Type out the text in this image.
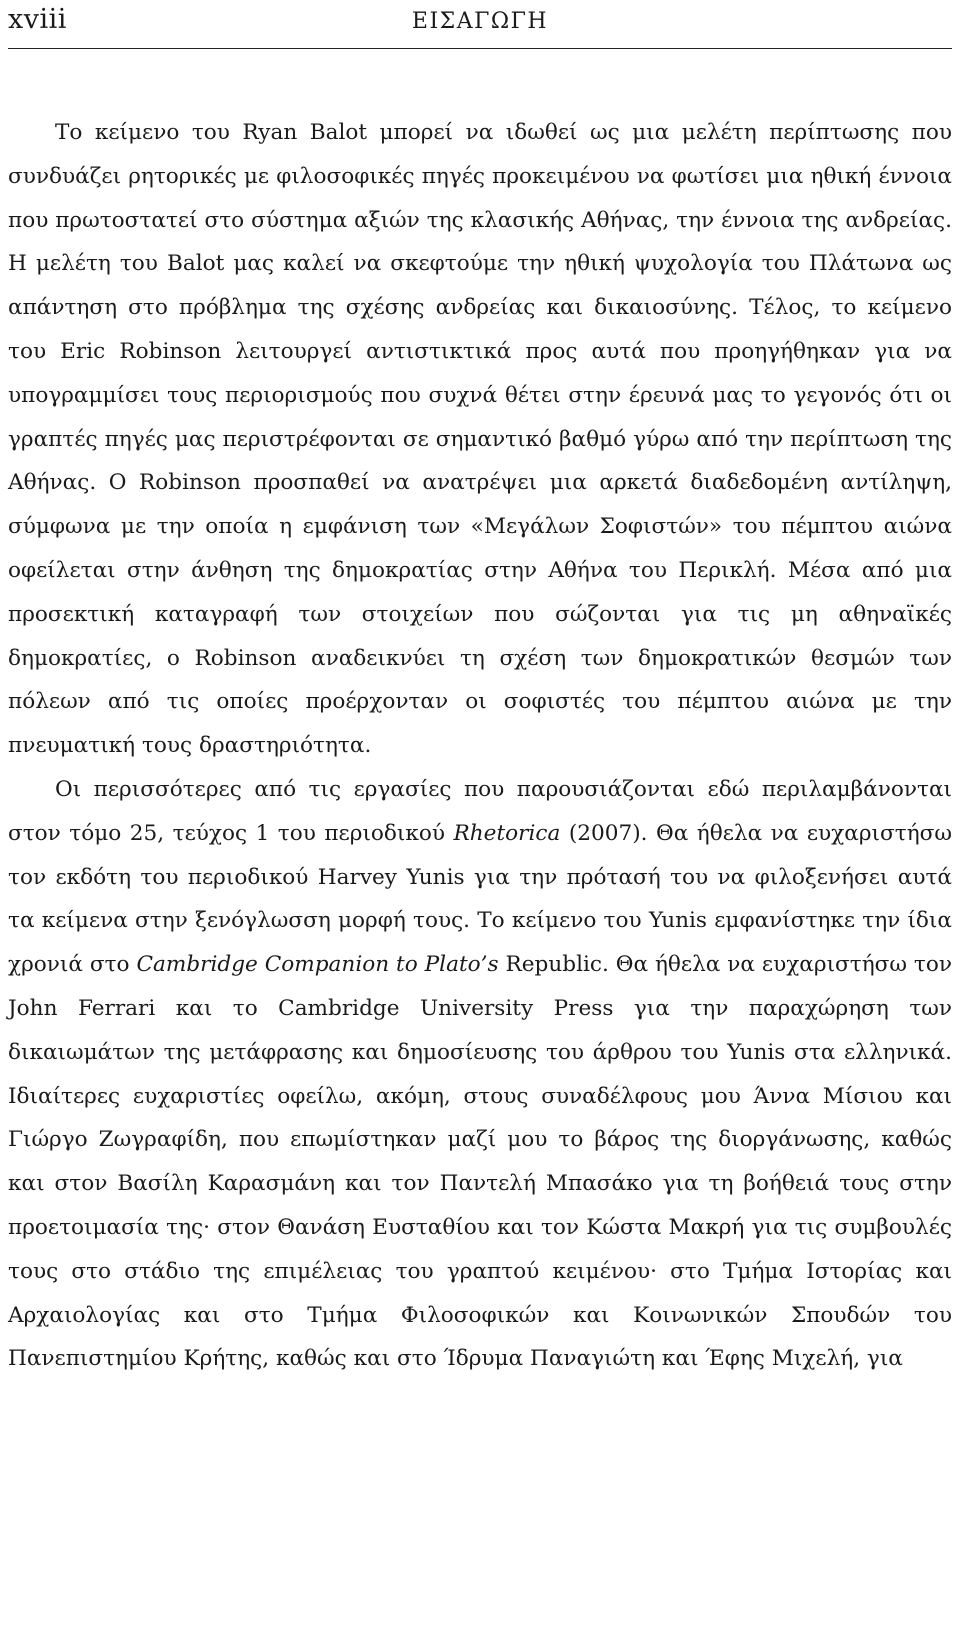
xviii	ΕΙΣΑΓΩΓΗ

Το κείμενο του Ryan Balot μπορεί να ιδωθεί ως μια μελέτη περίπτωσης που συνδυάζει ρητορικές με φιλοσοφικές πηγές προκειμένου να φωτίσει μια ηθική έννοια που πρωτοστατεί στο σύστημα αξιών της κλασικής Αθήνας, την έννοια της ανδρείας. Η μελέτη του Balot μας καλεί να σκεφτούμε την ηθική ψυχολογία του Πλάτωνα ως απάντηση στο πρόβλημα της σχέσης ανδρείας και δικαιοσύνης. Τέλος, το κείμενο του Eric Robinson λειτουργεί αντιστικτικά προς αυτά που προηγήθηκαν για να υπογραμμίσει τους περιορισμούς που συχνά θέτει στην έρευνά μας το γεγονός ότι οι γραπτές πηγές μας περιστρέφονται σε σημαντικό βαθμό γύρω από την περίπτωση της Αθήνας. Ο Robinson προσπαθεί να ανατρέψει μια αρκετά διαδεδομένη αντίληψη, σύμφωνα με την οποία η εμφάνιση των «Μεγάλων Σοφιστών» του πέμπτου αιώνα οφείλεται στην άνθηση της δημοκρατίας στην Αθήνα του Περικλή. Μέσα από μια προσεκτική καταγραφή των στοιχείων που σώζονται για τις μη αθηναϊκές δημοκρατίες, ο Robinson αναδεικνύει τη σχέση των δημοκρατικών θεσμών των πόλεων από τις οποίες προέρχονταν οι σοφιστές του πέμπτου αιώνα με την πνευματική τους δραστηριότητα.

Οι περισσότερες από τις εργασίες που παρουσιάζονται εδώ περιλαμβάνονται στον τόμο 25, τεύχος 1 του περιοδικού Rhetorica (2007). Θα ήθελα να ευχαριστήσω τον εκδότη του περιοδικού Harvey Yunis για την πρότασή του να φιλοξενήσει αυτά τα κείμενα στην ξενόγλωσση μορφή τους. Το κείμενο του Yunis εμφανίστηκε την ίδια χρονιά στο Cambridge Companion to Plato’s Republic. Θα ήθελα να ευχαριστήσω τον John Ferrari και το Cambridge University Press για την παραχώρηση των δικαιωμάτων της μετάφρασης και δημοσίευσης του άρθρου του Yunis στα ελληνικά. Ιδιαίτερες ευχαριστίες οφείλω, ακόμη, στους συναδέλφους μου Άννα Μίσιου και Γιώργο Ζωγραφίδη, που επωμίστηκαν μαζί μου το βάρος της διοργάνωσης, καθώς και στον Βασίλη Καρασμάνη και τον Παντελή Μπασάκο για τη βοήθειά τους στην προετοιμασία της· στον Θανάση Ευσταθίου και τον Κώστα Μακρή για τις συμβουλές τους στο στάδιο της επιμέλειας του γραπτού κειμένου· στο Τμήμα Ιστορίας και Αρχαιολογίας και στο Τμήμα Φιλοσοφικών και Κοινωνικών Σπουδών του Πανεπιστημίου Κρήτης, καθώς και στο Ίδρυμα Παναγιώτη και Έφης Μιχελή, για
